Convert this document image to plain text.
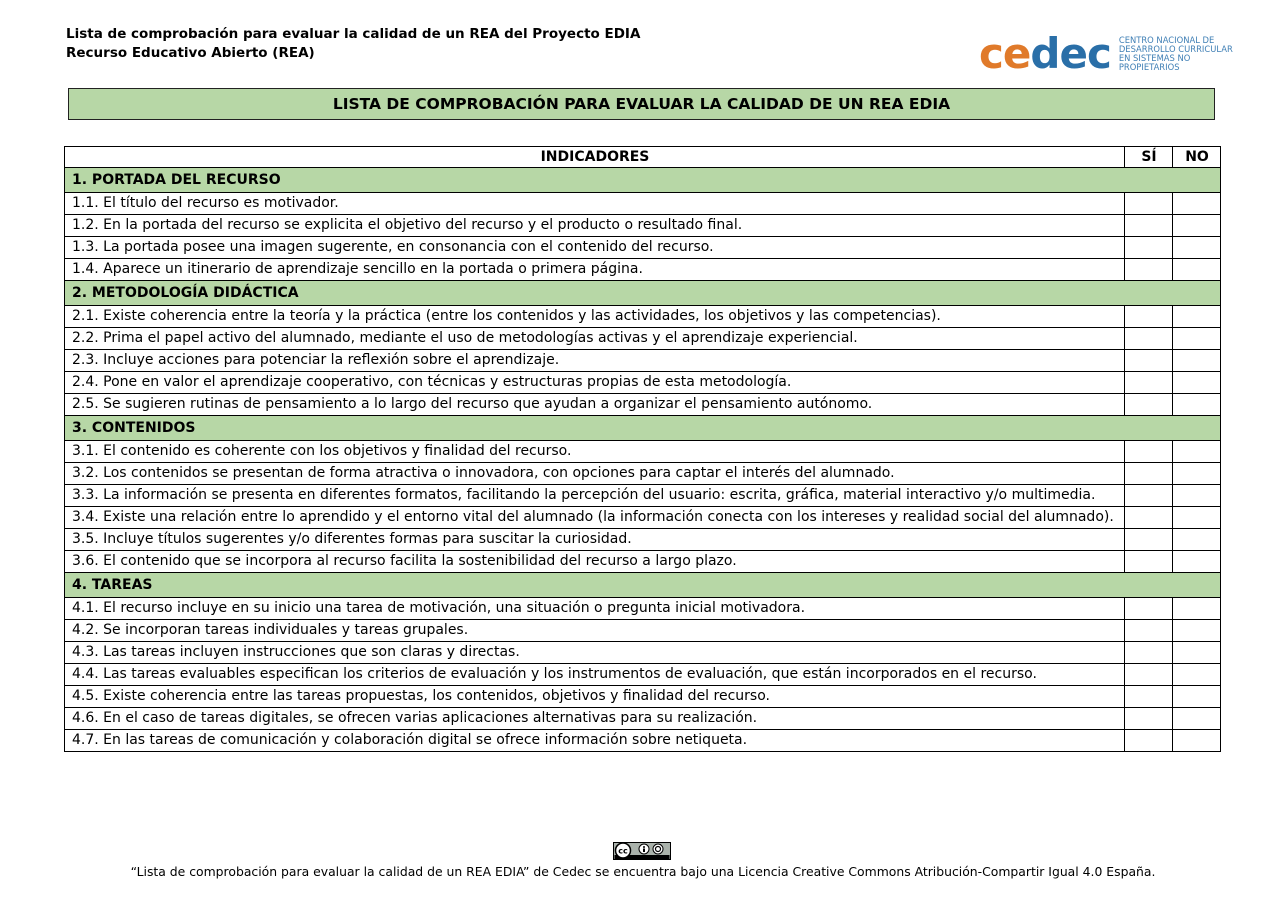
Lista de comprobación para evaluar la calidad de un REA del Proyecto EDIA
Recurso Educativo Abierto (REA)	cedec CENTRO NACIONAL DE
DESARROLLO CURRICULAR
EN SISTEMAS NO PROPIETARIOS
LISTA DE COMPROBACIÓN PARA EVALUAR LA CALIDAD DE UN REA EDIA
INDICADORES	SÍ	NO
1. PORTADA DEL RECURSO		
1.1. El título del recurso es motivador.		
1.2. En la portada del recurso se explicita el objetivo del recurso y el producto o resultado final.		
1.3. La portada posee una imagen sugerente, en consonancia con el contenido del recurso.		
1.4. Aparece un itinerario de aprendizaje sencillo en la portada o primera página.		
2. METODOLOGÍA DIDÁCTICA		
2.1. Existe coherencia entre la teoría y la práctica (entre los contenidos y las actividades, los objetivos y las competencias).		
2.2. Prima el papel activo del alumnado, mediante el uso de metodologías activas y el aprendizaje experiencial.		
2.3. Incluye acciones para potenciar la reflexión sobre el aprendizaje.		
2.4. Pone en valor el aprendizaje cooperativo, con técnicas y estructuras propias de esta metodología.		
2.5. Se sugieren rutinas de pensamiento a lo largo del recurso que ayudan a organizar el pensamiento autónomo.		
3. CONTENIDOS		
3.1. El contenido es coherente con los objetivos y finalidad del recurso.		
3.2. Los contenidos se presentan de forma atractiva o innovadora, con opciones para captar el interés del alumnado.		
3.3. La información se presenta en diferentes formatos, facilitando la percepción del usuario: escrita, gráfica, material interactivo y/o multimedia.		
3.4. Existe una relación entre lo aprendido y el entorno vital del alumnado (la información conecta con los intereses y realidad social del alumnado).		
3.5. Incluye títulos sugerentes y/o diferentes formas para suscitar la curiosidad.		
3.6. El contenido que se incorpora al recurso facilita la sostenibilidad del recurso a largo plazo.		
4. TAREAS		
4.1. El recurso incluye en su inicio una tarea de motivación, una situación o pregunta inicial motivadora.		
4.2. Se incorporan tareas individuales y tareas grupales.		
4.3. Las tareas incluyen instrucciones que son claras y directas.		
4.4. Las tareas evaluables especifican los criterios de evaluación y los instrumentos de evaluación, que están incorporados en el recurso.		
4.5. Existe coherencia entre las tareas propuestas, los contenidos, objetivos y finalidad del recurso.		
4.6. En el caso de tareas digitales, se ofrecen varias aplicaciones alternativas para su realización.		
4.7. En las tareas de comunicación y colaboración digital se ofrece información sobre netiqueta.		
cc
“Lista de comprobación para evaluar la calidad de un REA EDIA” de Cedec se encuentra bajo una Licencia Creative Commons Atribución-Compartir Igual 4.0 España.
